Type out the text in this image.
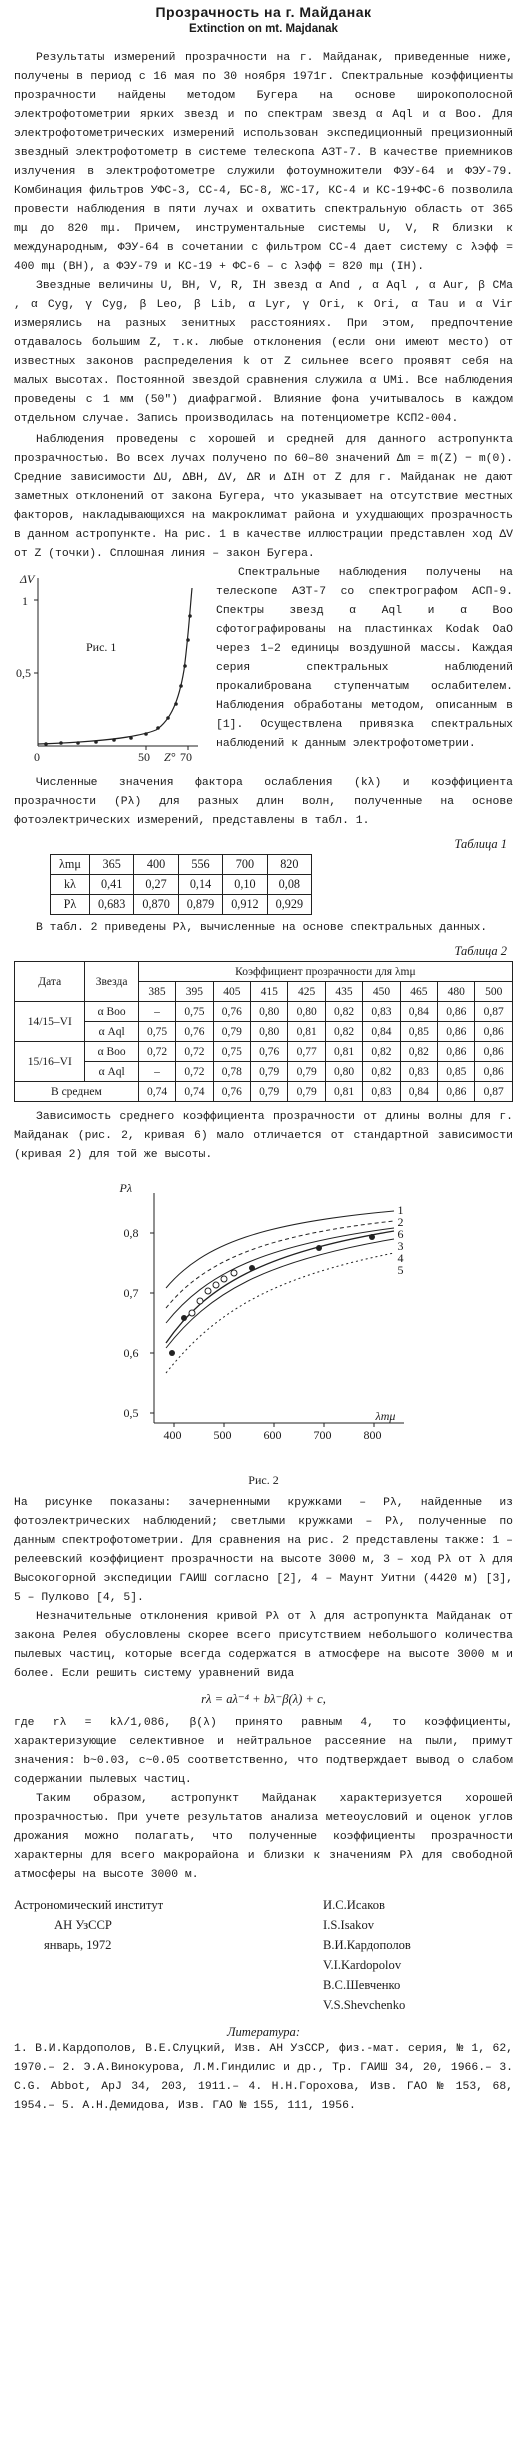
Прозрачность на г. Майданак
Extinction on mt. Majdanak

Результаты измерений прозрачности на г. Майданак, приведенные ниже, получены в период с 16 мая по 30 ноября 1971г. Спектральные коэффициенты прозрачности найдены методом Бугера на основе широкополосной электрофотометрии ярких звезд и по спектрам звезд α Aql и α Boo. Для электрофотометрических измерений использован экспедиционный прецизионный звездный электрофотометр в системе телескопа АЗТ-7. В качестве приемников излучения в электрофотометре служили фотоумножители ФЭУ-64 и ФЭУ-79. Комбинация фильтров УФС-3, СС-4, БС-8, ЖС-17, КС-4 и КС-19+ФС-6 позволила провести наблюдения в пяти лучах и охватить спектральную область от 365 mμ до 820 mμ. Причем, инструментальные системы U, V, R близки к международным, ФЭУ-64 в сочетании с фильтром СС-4 дает систему с λэфф = 400 mμ (BH), а ФЭУ-79 и КС-19 + ФС-6 – с λэфф = 820 mμ (IH).

Звездные величины U, BH, V, R, IH звезд α And , α Aql , α Aur, β CMa , α Cyg, γ Cyg, β Leo, β Lib, α Lyr, γ Ori, κ Ori, α Tau и α Vir измерялись на разных зенитных расстояниях. При этом, предпочтение отдавалось большим Z, т.к. любые отклонения (если они имеют место) от известных законов распределения k от Z сильнее всего проявят себя на малых высотах. Постоянной звездой сравнения служила α UMi. Все наблюдения проведены с 1 мм (50″) диафрагмой. Влияние фона учитывалось в каждом отдельном случае. Запись производилась на потенциометре КСП2-004.

Наблюдения проведены с хорошей и средней для данного астропункта прозрачностью. Во всех лучах получено по 60–80 значений Δm = m(Z) − m(0). Средние зависимости ΔU, ΔBH, ΔV, ΔR и ΔIH от Z для г. Майданак не дают заметных отклонений от закона Бугера, что указывает на отсутствие местных факторов, накладывающихся на макроклимат района и ухудшающих прозрачность в данном астропункте. На рис. 1 в качестве иллюстрации представлен ход ΔV от Z (точки). Сплошная линия – закон Бугера.

ΔV
1
0,5
0	50	70
Z°
Рис. 1

Спектральные наблюдения получены на телескопе АЗТ-7 со спектрографом АСП-9. Спектры звезд α Aql и α Boo сфотографированы на пластинках Kodak OaO через 1–2 единицы воздушной массы. Каждая серия спектральных наблюдений прокалибрована ступенчатым ослабителем. Наблюдения обработаны методом, описанным в [1]. Осуществлена привязка спектральных наблюдений к данным электрофотометрии.

Численные значения фактора ослабления (kλ) и коэффициента прозрачности (Pλ) для разных длин волн, полученные на основе фотоэлектрических измерений, представлены в табл. 1.

Таблица 1
λmμ	365	400	556	700	820
kλ	0,41	0,27	0,14	0,10	0,08
Pλ	0,683	0,870	0,879	0,912	0,929

В табл. 2 приведены Pλ, вычисленные на основе спектральных данных.

Таблица 2
Дата	Звезда	Коэффициент прозрачности для λmμ									
		385	395	405	415	425	435	450	465	480	500
14/15–VI	α Boo	–	0,75	0,76	0,80	0,80	0,82	0,83	0,84	0,86	0,87
	α Aql	0,75	0,76	0,79	0,80	0,81	0,82	0,84	0,85	0,86	0,86
15/16–VI	α Boo	0,72	0,72	0,75	0,76	0,77	0,81	0,82	0,82	0,86	0,86
	α Aql	–	0,72	0,78	0,79	0,79	0,80	0,82	0,83	0,85	0,86
В среднем		0,74	0,74	0,76	0,79	0,79	0,81	0,83	0,84	0,86	0,87

Зависимость среднего коэффициента прозрачности от длины волны для г. Майданак (рис. 2, кривая 6) мало отличается от стандартной зависимости (кривая 2) для той же высоты.

Pλ
0,8
0,7
0,6
0,5
400	500	600	700	800
λmμ
1
2
6
3
4
5
Рис. 2

На рисунке показаны: зачерненными кружками – Pλ, найденные из фотоэлектрических наблюдений; светлыми кружками – Pλ, полученные по данным спектрофотометрии. Для сравнения на рис. 2 представлены также: 1 – релеевский коэффициент прозрачности на высоте 3000 м, 3 – ход Pλ от λ для Высокогорной экспедиции ГАИШ согласно [2], 4 – Маунт Уитни (4420 м) [3], 5 – Пулково [4, 5].

Незначительные отклонения кривой Pλ от λ для астропункта Майданак от закона Релея обусловлены скорее всего присутствием небольшого количества пылевых частиц, которые всегда содержатся в атмосфере на высоте 3000 м и более. Если решить систему уравнений вида

rλ = aλ⁻⁴ + bλ⁻β(λ) + c,

где rλ = kλ/1,086, β(λ) принято равным 4, то коэффициенты, характеризующие селективное и нейтральное рассеяние на пыли, примут значения: b~0.03, c~0.05 соответственно, что подтверждает вывод о слабом содержании пылевых частиц.

Таким образом, астропункт Майданак характеризуется хорошей прозрачностью. При учете результатов анализа метеоусловий и оценок углов дрожания можно полагать, что полученные коэффициенты прозрачности характерны для всего макрорайона и близки к значениям Pλ для свободной атмосферы на высоте 3000 м.

Астрономический институт
АН УзССР
январь, 1972
И.С.Исаков
I.S.Isakov
В.И.Кардополов
V.I.Kardopolov
В.С.Шевченко
V.S.Shevchenko
Литература:

1. В.И.Кардополов, В.Е.Слуцкий, Изв. АН УзССР, физ.-мат. серия, № 1, 62, 1970.– 2. Э.А.Винокурова, Л.М.Гиндилис и др., Тр. ГАИШ 34, 20, 1966.– 3. C.G. Abbot, ApJ 34, 203, 1911.– 4. Н.Н.Горохова, Изв. ГАО № 153, 68, 1954.– 5. А.Н.Демидова, Изв. ГАО № 155, 111, 1956.
